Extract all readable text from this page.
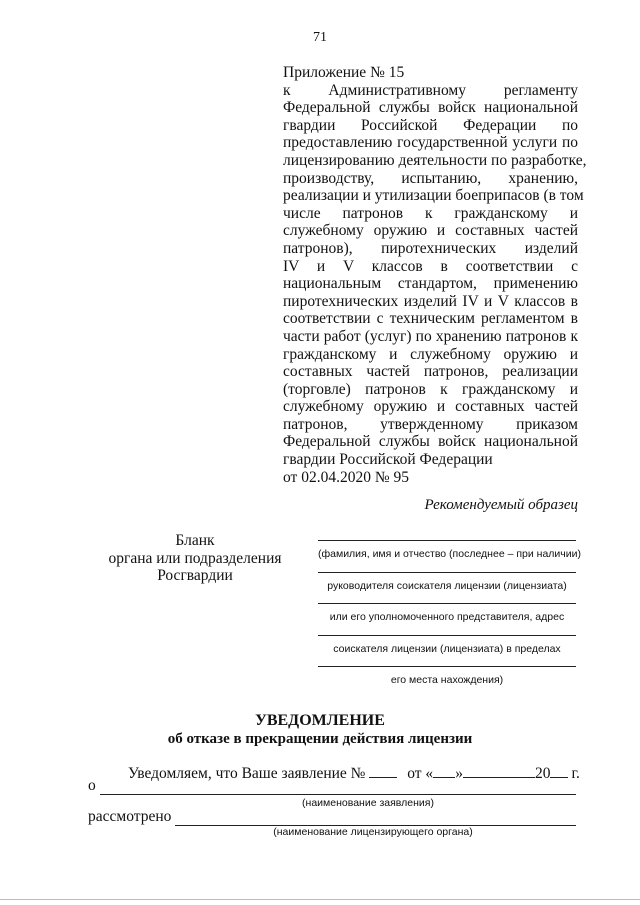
71
Приложение № 15
к Административному регламенту
Федеральной службы войск национальной
гвардии Российской Федерации по
предоставлению государственной услуги по
лицензированию деятельности по разработке,
производству, испытанию, хранению,
реализации и утилизации боеприпасов (в том
числе патронов к гражданскому и
служебному оружию и составных частей
патронов), пиротехнических изделий
IV и V классов в соответствии с
национальным стандартом, применению
пиротехнических изделий IV и V классов в
соответствии с техническим регламентом в
части работ (услуг) по хранению патронов к
гражданскому и служебному оружию и
составных частей патронов, реализации
(торговле) патронов к гражданскому и
служебному оружию и составных частей
патронов, утвержденному приказом
Федеральной службы войск национальной
гвардии Российской Федерации
от 02.04.2020 № 95
Рекомендуемый образец
Бланк
органа или подразделения
Росгвардии
(фамилия, имя и отчество (последнее – при наличии)
руководителя соискателя лицензии (лицензиата)
или его уполномоченного представителя, адрес
соискателя лицензии (лицензиата) в пределах
его места нахождения)
УВЕДОМЛЕНИЕ
об отказе в прекращении действия лицензии
Уведомляем, что Ваше заявление №	от « »	20 г.
о
(наименование заявления)
рассмотрено
(наименование лицензирующего органа)
